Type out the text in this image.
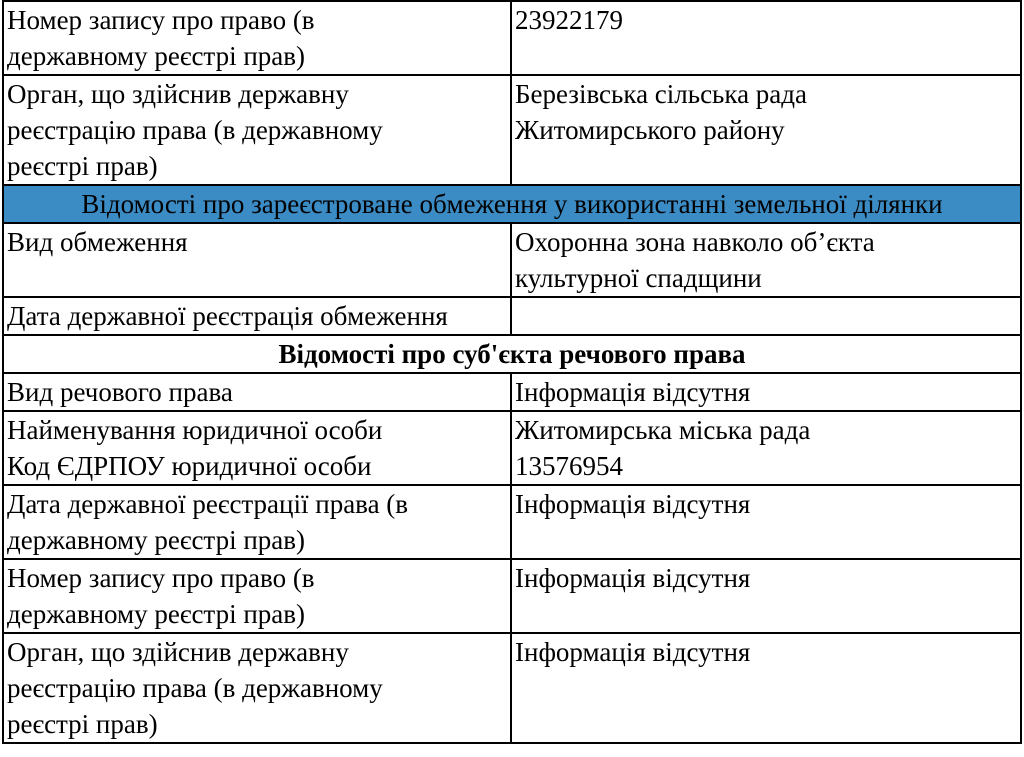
Номер запису про право (в
державному реєстрі прав)	23922179

Орган, що здійснив державну
реєстрацію права (в державному
реєстрі прав)	Березівська сільська рада
Житомирського району

Відомості про зареєстроване обмеження у використанні земельної ділянки	
Вид обмеження	Охоронна зона навколо об’єкта
культурної спадщини

Дата державної реєстрація обмеження	
Відомості про суб'єкта речового права	
Вид речового права	Інформація відсутня

Найменування юридичної особи
Код ЄДРПОУ юридичної особи	Житомирська міська рада
13576954

Дата державної реєстрації права (в
державному реєстрі прав)	Інформація відсутня

Номер запису про право (в
державному реєстрі прав)	Інформація відсутня

Орган, що здійснив державну
реєстрацію права (в державному
реєстрі прав)	Інформація відсутня
